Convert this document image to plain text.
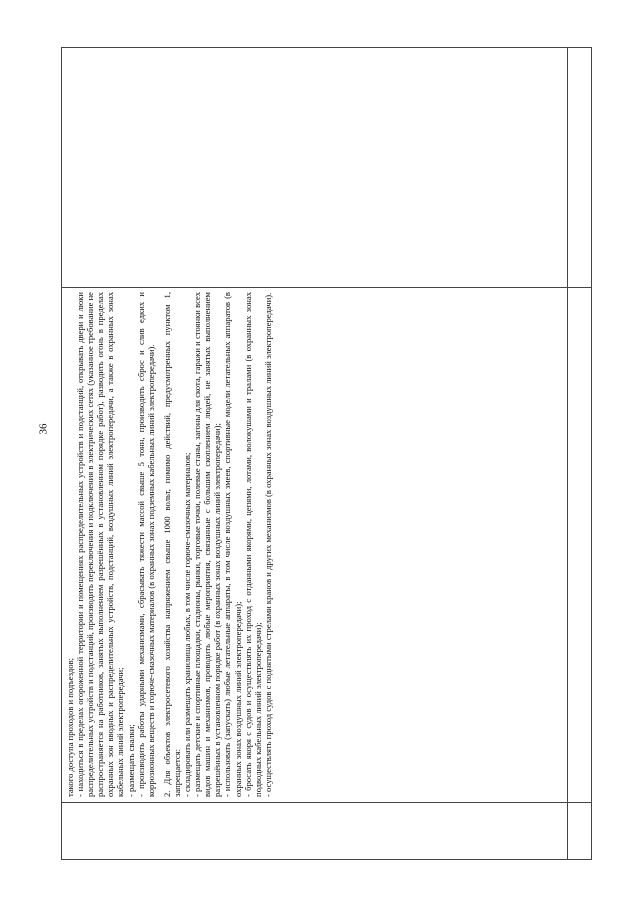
36

такого доступа проходов и подъездов; - находиться в пределах огороженной территории и помещениях распределительных устройств и подстанций, открывать двери и люки распределительных устройств и подстанций, производить переключения и подключения в электрических сетях (указанное требование не распространяется на работников, занятых выполнением разрешённых в установленном порядке работ), разводить огонь в пределах охранных зон вводных и распределительных устройств, подстанций, воздушных линий электропередачи, а также в охранных зонах кабельных линий электропередачи; - размещать свалки; - производить работы ударными механизмами, сбрасывать тяжести массой свыше 5 тонн, производить сброс и слив едких и коррозионных веществ и горюче-смазочных материалов (в охранных зонах подземных кабельных линий электропередачи). 2. Для объектов электросетевого хозяйства напряжением свыше 1000 вольт, помимо действий, предусмотренных пунктом 1, запрещается: - складировать или размещать хранилища любых, в том числе горюче-смазочных материалов; - размещать детские и спортивные площадки, стадионы, рынки, торговые точки, полевые станы, загоны для скота, гаражи и стоянки всех видов машин и механизмов, проводить любые мероприятия, связанные с большим скоплением людей, не занятых выполнением разрешённых в установленном порядке работ (в охранных зонах воздушных линий электропередачи); - использовать (запускать) любые летательные аппараты, в том числе воздушных змеев, спортивные модели летательных аппаратов (в охранных зонах воздушных линий электропередачи); - бросать якоря с судов и осуществлять их проход с отданными якорями, цепями, лотами, волокушами и тралами (в охранных зонах подводных кабельных линий электропередачи); - осуществлять проход судов с поднятыми стрелами кранов и других механизмов (в охранных зонах воздушных линий электропередачи).
